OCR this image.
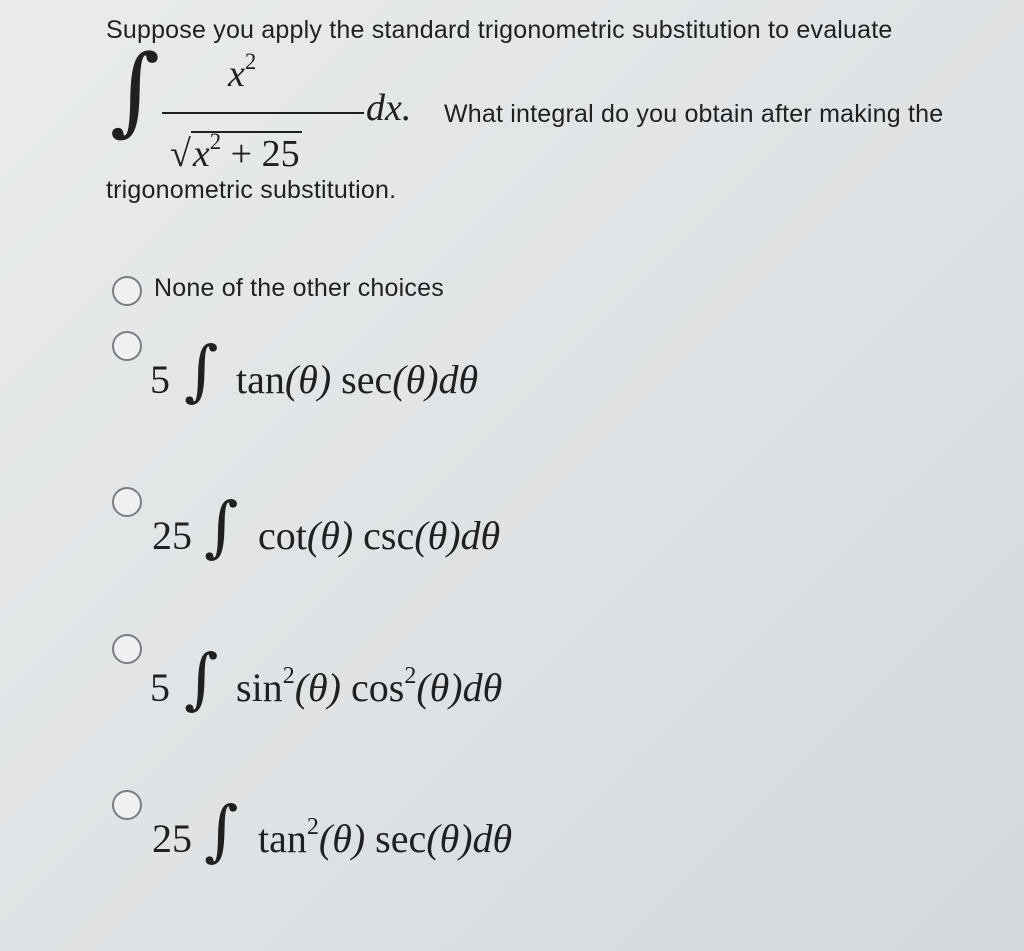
Suppose you apply the standard trigonometric substitution to evaluate
∫ $x^2$
$√x^2 + 25$
dx. What integral do you obtain after making the
trigonometric substitution.
None of the other choices
5 ∫ tan(θ) sec(θ)dθ
25 ∫ cot(θ) csc(θ)dθ
5 ∫ $\sin^2(\theta)$ $\cos^2(\theta)d\theta$
25 ∫ $\tan^2(\theta)$ sec(θ)dθ
